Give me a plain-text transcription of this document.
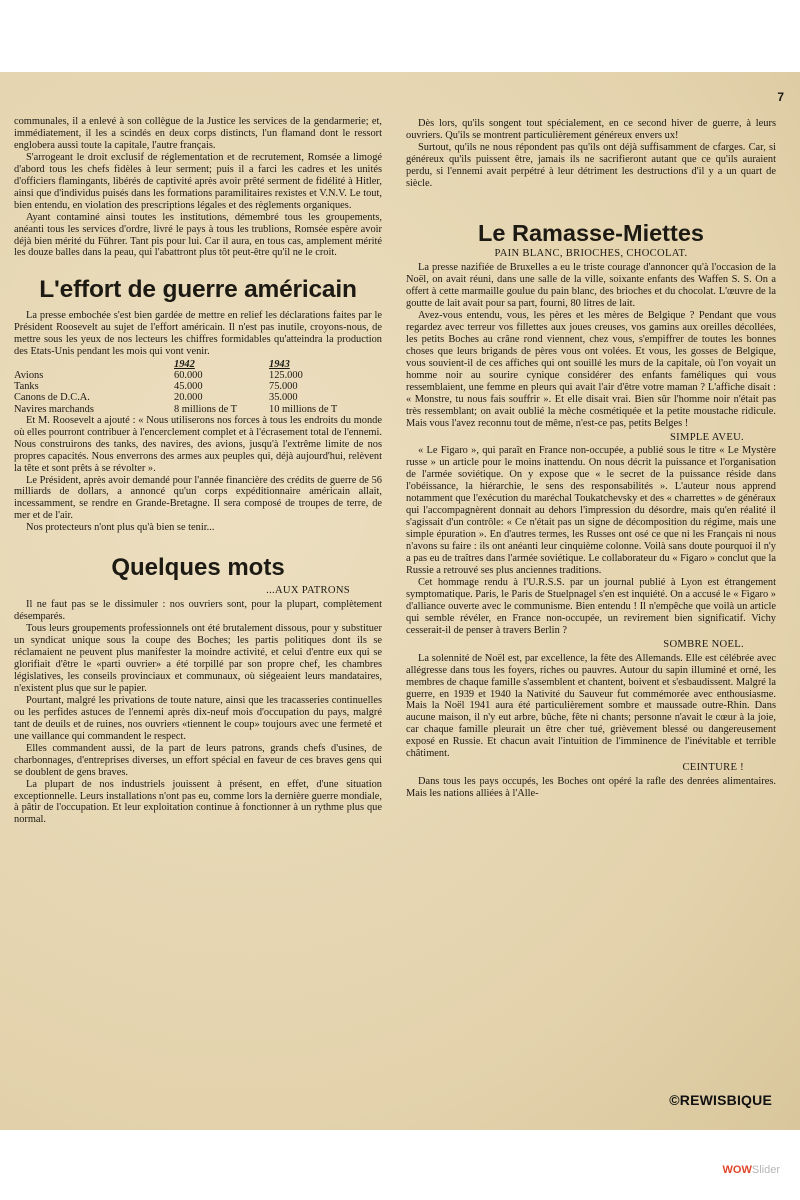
7

communales, il a enlevé à son collègue de la Justice les services de la gendarmerie; et, immédiatement, il les a scindés en deux corps distincts, l'un flamand dont le ressort englobera aussi toute la capitale, l'autre français.

S'arrogeant le droit exclusif de réglementation et de recrutement, Romsée a limogé d'abord tous les chefs fidèles à leur serment; puis il a farci les cadres et les unités d'officiers flamingants, libérés de captivité après avoir prêté serment de fidélité à Hitler, ainsi que d'individus puisés dans les formations paramilitaires rexistes et V.N.V. Le tout, bien entendu, en violation des prescriptions légales et des règlements organiques.

Ayant contaminé ainsi toutes les institutions, démembré tous les groupements, anéanti tous les services d'ordre, livré le pays à tous les trublions, Romsée espère avoir déjà bien mérité du Führer. Tant pis pour lui. Car il aura, en tous cas, amplement mérité les douze balles dans la peau, qui l'abattront plus tôt peut-être qu'il ne le croit.

L'effort de guerre américain

La presse embochée s'est bien gardée de mettre en relief les déclarations faites par le Président Roosevelt au sujet de l'effort américain. Il n'est pas inutile, croyons-nous, de mettre sous les yeux de nos lecteurs les chiffres formidables qu'atteindra la production des Etats-Unis pendant les mois qui vont venir.

	1942	1943
Avions	60.000	125.000
Tanks	45.000	75.000
Canons de D.C.A.	20.000	35.000
Navires marchands	8 millions de T	10 millions de T

Et M. Roosevelt a ajouté : « Nous utiliserons nos forces à tous les endroits du monde où elles pourront contribuer à l'encerclement complet et à l'écrasement total de l'ennemi. Nous construirons des tanks, des navires, des avions, jusqu'à l'extrême limite de nos propres capacités. Nous enverrons des armes aux peuples qui, déjà aujourd'hui, relèvent la tête et sont prêts à se révolter ».

Le Président, après avoir demandé pour l'année financière des crédits de guerre de 56 milliards de dollars, a annoncé qu'un corps expéditionnaire américain allait, incessamment, se rendre en Grande-Bretagne. Il sera composé de troupes de terre, de mer et de l'air.

Nos protecteurs n'ont plus qu'à bien se tenir...

Quelques mots
...AUX PATRONS

Il ne faut pas se le dissimuler : nos ouvriers sont, pour la plupart, complètement désemparés.

Tous leurs groupements professionnels ont été brutalement dissous, pour y substituer un syndicat unique sous la coupe des Boches; les partis politiques dont ils se réclamaient ne peuvent plus manifester la moindre activité, et celui d'entre eux qui se glorifiait d'être le «parti ouvrier» a été torpillé par son propre chef, les chambres législatives, les conseils provinciaux et communaux, où siégeaient leurs mandataires, n'existent plus que sur le papier.

Pourtant, malgré les privations de toute nature, ainsi que les tracasseries continuelles ou les perfides astuces de l'ennemi après dix-neuf mois d'occupation du pays, malgré tant de deuils et de ruines, nos ouvriers «tiennent le coup» toujours avec une fermeté et une vaillance qui commandent le respect.

Elles commandent aussi, de la part de leurs patrons, grands chefs d'usines, de charbonnages, d'entreprises diverses, un effort spécial en faveur de ces braves gens qui se doublent de gens braves.

La plupart de nos industriels jouissent à présent, en effet, d'une situation exceptionnelle. Leurs installations n'ont pas eu, comme lors la dernière guerre mondiale, à pâtir de l'occupation. Et leur exploitation continue à fonctionner à un rythme plus que normal.

Dès lors, qu'ils songent tout spécialement, en ce second hiver de guerre, à leurs ouvriers. Qu'ils se montrent particulièrement généreux envers ux!

Surtout, qu'ils ne nous répondent pas qu'ils ont déjà suffisamment de cfarges. Car, si généreux qu'ils puissent être, jamais ils ne sacrifieront autant que ce qu'ils auraient perdu, si l'ennemi avait perpétré à leur détriment les destructions d'il y a un quart de siècle.

Le Ramasse-Miettes
PAIN BLANC, BRIOCHES, CHOCOLAT.

La presse nazifiée de Bruxelles a eu le triste courage d'annoncer qu'à l'occasion de la Noël, on avait réuni, dans une salle de la ville, soixante enfants des Waffen S. S. On a offert à cette marmaille goulue du pain blanc, des brioches et du chocolat. L'œuvre de la goutte de lait avait pour sa part, fourni, 80 litres de lait.

Avez-vous entendu, vous, les pères et les mères de Belgique ? Pendant que vous regardez avec terreur vos fillettes aux joues creuses, vos gamins aux oreilles décollées, les petits Boches au crâne rond viennent, chez vous, s'empiffrer de toutes les bonnes choses que leurs brigands de pères vous ont volées. Et vous, les gosses de Belgique, vous souvient-il de ces affiches qui ont souillé les murs de la capitale, où l'on voyait un homme noir au sourire cynique considérer des enfants faméliques qui vous ressemblaient, une femme en pleurs qui avait l'air d'être votre maman ? L'affiche disait : « Monstre, tu nous fais souffrir ». Et elle disait vrai. Bien sûr l'homme noir n'était pas très ressemblant; on avait oublié la mèche cosmétiquée et la petite moustache ridicule. Mais vous l'avez reconnu tout de même, n'est-ce pas, petits Belges !

SIMPLE AVEU.

« Le Figaro », qui paraît en France non-occupée, a publié sous le titre « Le Mystère russe » un article pour le moins inattendu. On nous décrit la puissance et l'organisation de l'armée soviétique. On y expose que « le secret de la puissance réside dans l'obéissance, la hiérarchie, le sens des responsabilités ». L'auteur nous apprend notamment que l'exécution du maréchal Toukatchevsky et des « charrettes » de généraux qui l'accompagnèrent donnait au dehors l'impression du désordre, mais qu'en réalité il s'agissait d'un contrôle: « Ce n'était pas un signe de décomposition du régime, mais une simple épuration ». En d'autres termes, les Russes ont osé ce que ni les Français ni nous n'avons su faire : ils ont anéanti leur cinquième colonne. Voilà sans doute pourquoi il n'y a pas eu de traîtres dans l'armée soviétique. Le collaborateur du « Figaro » conclut que la Russie a retrouvé ses plus anciennes traditions.

Cet hommage rendu à l'U.R.S.S. par un journal publié à Lyon est étrangement symptomatique. Paris, le Paris de Stuelpnagel s'en est inquiété. On a accusé le « Figaro » d'alliance ouverte avec le communisme. Bien entendu ! Il n'empêche que voilà un article qui semble révéler, en France non-occupée, un revirement bien significatif. Vichy cesserait-il de penser à travers Berlin ?

SOMBRE NOEL.

La solennité de Noël est, par excellence, la fête des Allemands. Elle est célébrée avec allégresse dans tous les foyers, riches ou pauvres. Autour du sapin illuminé et orné, les membres de chaque famille s'assemblent et chantent, boivent et s'esbaudissent. Malgré la guerre, en 1939 et 1940 la Nativité du Sauveur fut commémorée avec enthousiasme. Mais la Noël 1941 aura été particulièrement sombre et maussade outre-Rhin. Dans aucune maison, il n'y eut arbre, bûche, fête ni chants; personne n'avait le cœur à la joie, car chaque famille pleurait un être cher tué, grièvement blessé ou dangereusement exposé en Russie. Et chacun avait l'intuition de l'imminence de l'inévitable et terrible châtiment.

CEINTURE !

Dans tous les pays occupés, les Boches ont opéré la rafle des denrées alimentaires. Mais les nations alliées à l'Alle-

©REWISBIQUE
WOWSlider
